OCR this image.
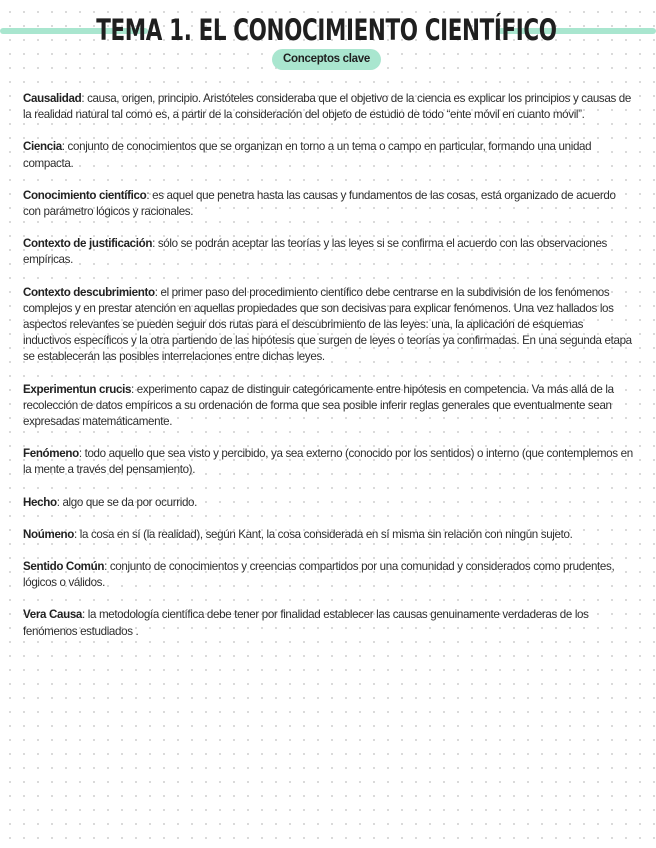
TEMA 1. EL CONOCIMIENTO CIENTÍFICO
Conceptos clave

Causalidad: causa, origen, principio. Aristóteles consideraba que el objetivo de la ciencia es explicar los principios y causas de la realidad natural tal como es, a partir de la consideración del objeto de estudio de todo “ente móvil en cuanto móvil”.

Ciencia: conjunto de conocimientos que se organizan en torno a un tema o campo en particular, formando una unidad compacta.

Conocimiento científico: es aquel que penetra hasta las causas y fundamentos de las cosas, está organizado de acuerdo con parámetro lógicos y racionales.

Contexto de justificación: sólo se podrán aceptar las teorías y las leyes si se confirma el acuerdo con las observaciones empíricas.

Contexto descubrimiento: el primer paso del procedimiento científico debe centrarse en la subdivisión de los fenómenos complejos y en prestar atención en aquellas propiedades que son decisivas para explicar fenómenos. Una vez hallados los aspectos relevantes se pueden seguir dos rutas para el descubrimiento de las leyes: una, la aplicación de esquemas inductivos específicos y la otra partiendo de las hipótesis que surgen de leyes o teorías ya confirmadas. En una segunda etapa se establecerán las posibles interrelaciones entre dichas leyes.

Experimentun crucis: experimento capaz de distinguir categóricamente entre hipótesis en competencia. Va más allá de la recolección de datos empíricos a su ordenación de forma que sea posible inferir reglas generales que eventualmente sean expresadas matemáticamente.

Fenómeno: todo aquello que sea visto y percibido, ya sea externo (conocido por los sentidos) o interno (que contemplemos en la mente a través del pensamiento).

Hecho: algo que se da por ocurrido.

Noúmeno: la cosa en sí (la realidad), según Kant, la cosa considerada en sí misma sin relación con ningún sujeto.

Sentido Común: conjunto de conocimientos y creencias compartidos por una comunidad y considerados como prudentes, lógicos o válidos.

Vera Causa: la metodología científica debe tener por finalidad establecer las causas genuinamente verdaderas de los fenómenos estudiados .
